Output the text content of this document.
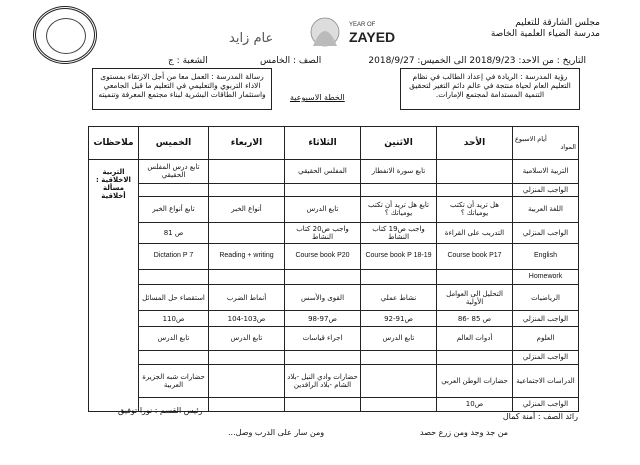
مجلس الشارقة للتعليم
مدرسة الضياء العلمية الخاصة
عام زايد
YEAR OF
ZAYED
التاريخ : من الاحد: 2018/9/23 الى الخميس: 2018/9/27
الصف : الخامس
الشعبة : ج
رؤية المدرسة : الريادة في إعداد الطالب في نظام التعليم العام لحياة منتجة في عالم دائم التغير لتحقيق التنمية المستدامة لمجتمع الإمارات.
رسالة المدرسة : العمل معا من أجل الارتقاء بمستوى الاداء التربوي والتعليمي في التعليم ما قبل الجامعي واستثمار الطاقات البشرية لبناء مجتمع المعرفة وتنميته	الخطة الاسبوعية
أيام الاسبوع
المواد	الأحد	الاثنين	الثلاثاء	الاربعاء	الخميس	ملاحظات
التربية الاسلامية		تابع سورة الانفطار	المفلس الحقيقي		تابع درس المفلس الحقيقي	التربية الاخلاقية : مسألة أخلاقية
الواجب المنزلي						
اللغة العربية	هل تريد أن تكتب يومياتك ؟	تابع هل تريد أن تكتب يومياتك ؟	تابع الدرس	أنواع الخبر	تابع أنواع الخبر	
الواجب المنزلي	التدريب على القراءة	واجب ص19 كتاب النشاط	واجب ص20 كتاب النشاط		ص 81	
English	Course book P17	Course book P 18-19	Course book P20	Reading + writing	Dictation P 7	
Homework						
الرياضيات	التحليل الى العوامل الأولية	نشاط عملي	القوى والأسس	أنماط الضرب	استقصاء حل المسائل	
الواجب المنزلي	ص 85 -86	ص91-92	ص97-98	ص103-104	ص110	
العلوم	أدوات العالم	تابع الدرس	اجراء قياسات	تابع الدرس	تابع الدرس	
الواجب المنزلي						
الدراسات الاجتماعية	حضارات الوطن العربي		حضارات وادي النيل -بلاد الشام -بلاد الرافدين		حضارات شبه الجزيرة العربية	
الواجب المنزلي	ص10					
رائد الصف : أمنة كمال
رئيس القسم : نورا توفيق
من جد وجد ومن زرع حصد
ومن سار على الدرب وصل...
